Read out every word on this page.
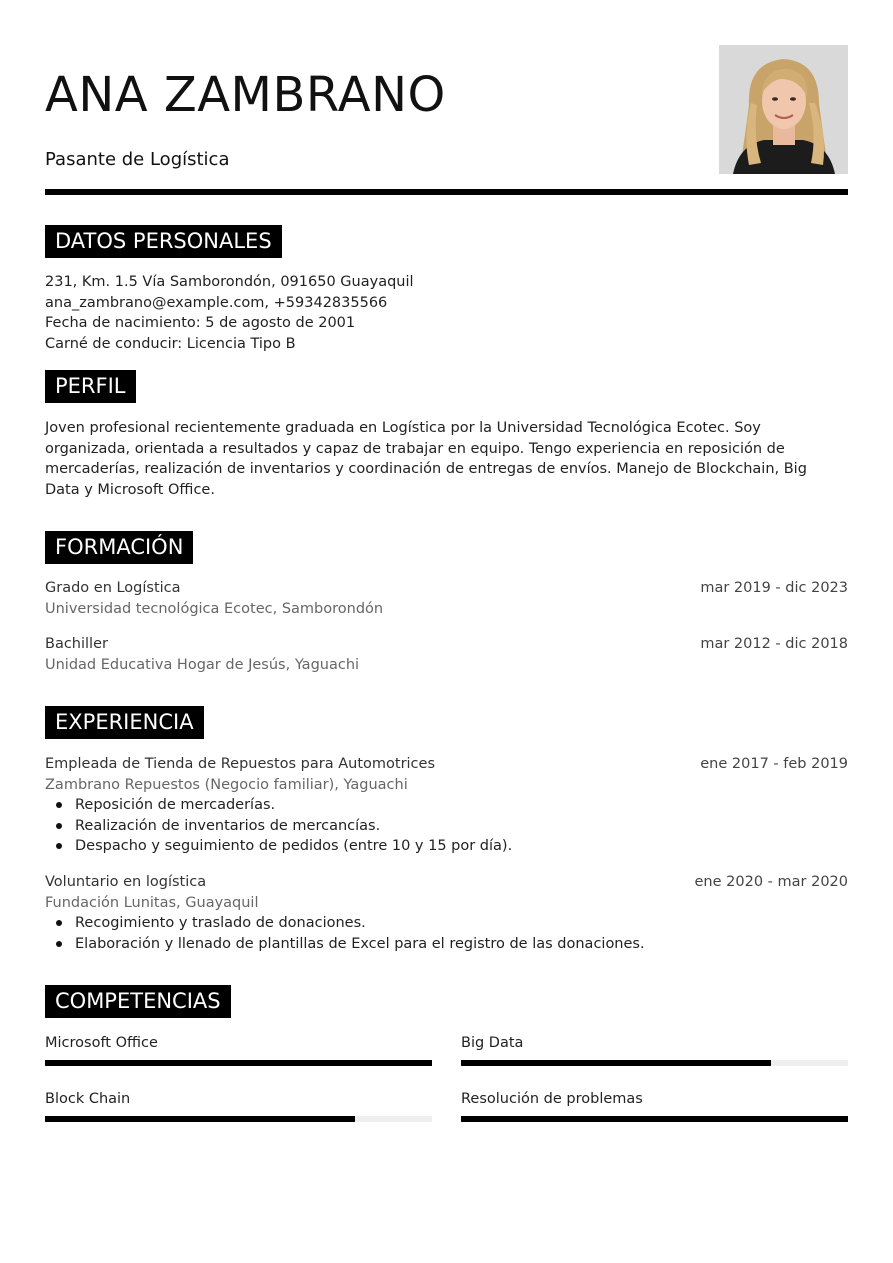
ANA ZAMBRANO
Pasante de Logística
DATOS PERSONALES

231, Km. 1.5 Vía Samborondón, 091650 Guayaquil

ana_zambrano@example.com, +59342835566

Fecha de nacimiento: 5 de agosto de 2001

Carné de conducir: Licencia Tipo B

PERFIL
Joven profesional recientemente graduada en Logística por la Universidad Tecnológica Ecotec. Soy organizada, orientada a resultados y capaz de trabajar en equipo. Tengo experiencia en reposición de mercaderías, realización de inventarios y coordinación de entregas de envíos. Manejo de Blockchain, Big Data y Microsoft Office.
FORMACIÓN
Grado en Logística	mar 2019 - dic 2023
Universidad tecnológica Ecotec, Samborondón
Bachiller	mar 2012 - dic 2018
Unidad Educativa Hogar de Jesús, Yaguachi
EXPERIENCIA
Empleada de Tienda de Repuestos para Automotrices	ene 2017 - feb 2019
Zambrano Repuestos (Negocio familiar), Yaguachi
Reposición de mercaderías.
Realización de inventarios de mercancías.
Despacho y seguimiento de pedidos (entre 10 y 15 por día).
Voluntario en logística	ene 2020 - mar 2020
Fundación Lunitas, Guayaquil
Recogimiento y traslado de donaciones.
Elaboración y llenado de plantillas de Excel para el registro de las donaciones.
COMPETENCIAS
Microsoft Office	Big Data
Block Chain	Resolución de problemas
